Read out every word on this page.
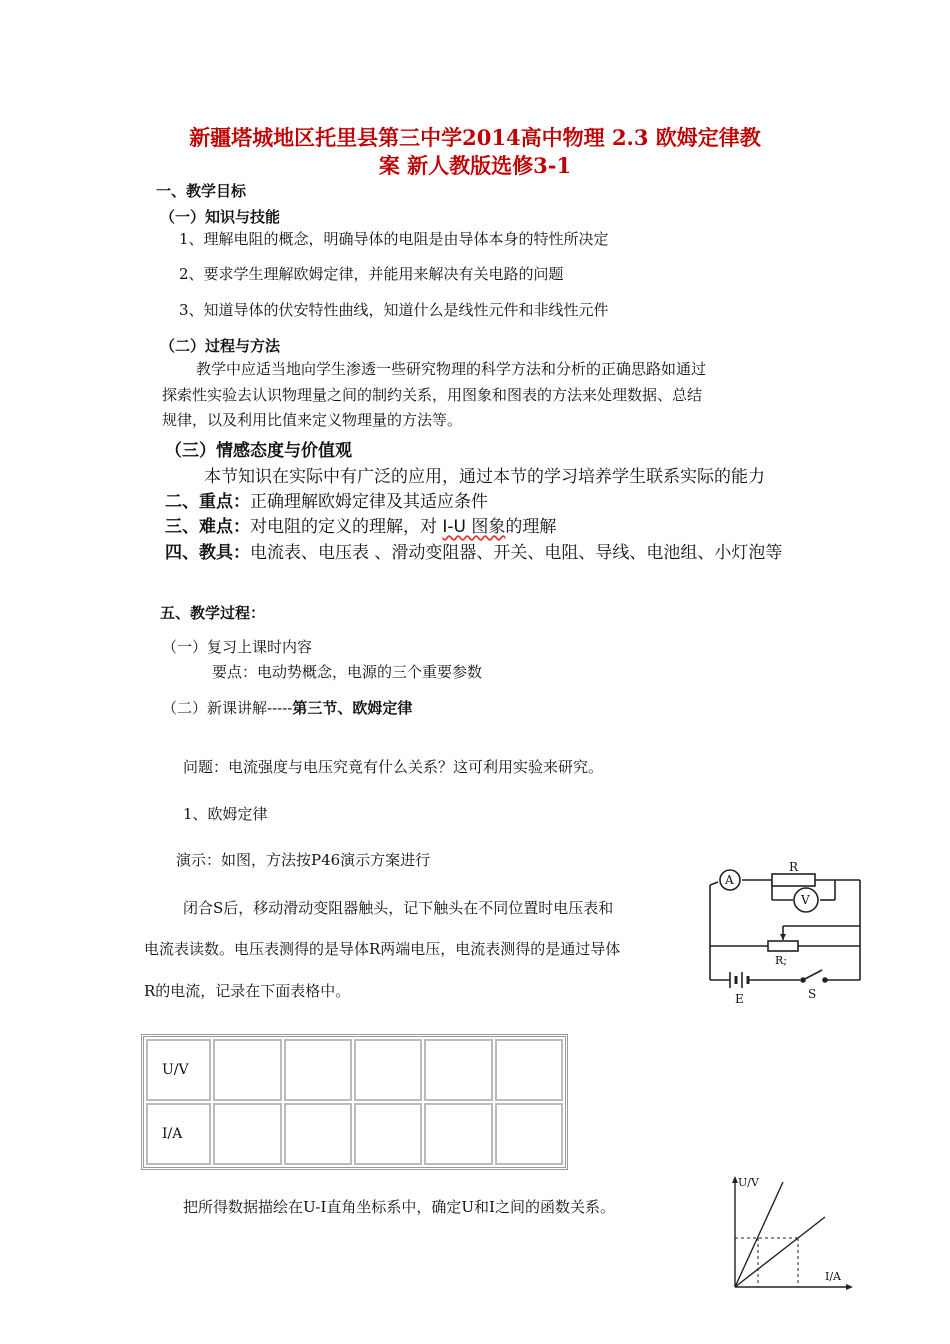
新疆塔城地区托里县第三中学2014高中物理 2.3 欧姆定律教
案 新人教版选修3-1
一、教学目标
（一）知识与技能
1、理解电阻的概念，明确导体的电阻是由导体本身的特性所决定
2、要求学生理解欧姆定律，并能用来解决有关电路的问题
3、知道导体的伏安特性曲线，知道什么是线性元件和非线性元件
（二）过程与方法
教学中应适当地向学生渗透一些研究物理的科学方法和分析的正确思路如通过
探索性实验去认识物理量之间的制约关系，用图象和图表的方法来处理数据、总结
规律，以及利用比值来定义物理量的方法等。
（三）情感态度与价值观
本节知识在实际中有广泛的应用，通过本节的学习培养学生联系实际的能力
二、重点：正确理解欧姆定律及其适应条件
三、难点：对电阻的定义的理解，对 I-U 图象的理解
四、教具：电流表、电压表 、滑动变阻器、开关、电阻、导线、电池组、小灯泡等
五、教学过程：
（一）复习上课时内容
要点：电动势概念，电源的三个重要参数
（二）新课讲解-----第三节、欧姆定律
问题：电流强度与电压究竟有什么关系？这可利用实验来研究。
1、欧姆定律
演示：如图，方法按P46演示方案进行
闭合S后，移动滑动变阻器触头，记下触头在不同位置时电压表和
电流表读数。电压表测得的是导体R两端电压，电流表测得的是通过导体
R的电流，记录在下面表格中。
U/V					
I/A					
把所得数据描绘在U-I直角坐标系中，确定U和I之间的函数关系。
A
R
V
R;
E	S
U/V
I/A
